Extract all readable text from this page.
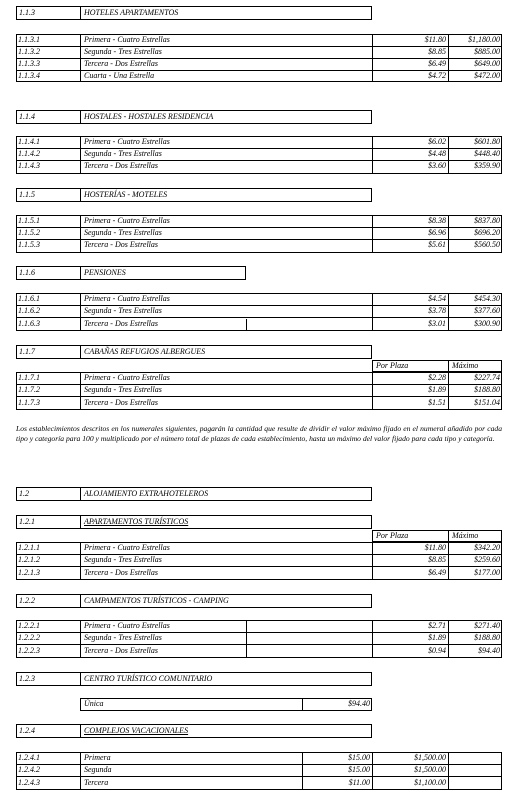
1.1.3	HOTELES APARTAMENTOS
1.1.3.1	Primera - Cuatro Estrellas	$11.80	$1,180.00
1.1.3.2	Segunda - Tres Estrellas	$8.85	$885.00
1.1.3.3	Tercera - Dos Estrellas	$6.49	$649.00
1.1.3.4	Cuarta - Una Estrella	$4.72	$472.00
1.1.4	HOSTALES - HOSTALES RESIDENCIA
1.1.4.1	Primera - Cuatro Estrellas	$6.02	$601.80
1.1.4.2	Segunda - Tres Estrellas	$4.48	$448.40
1.1.4.3	Tercera - Dos Estrellas	$3.60	$359.90
1.1.5	HOSTERÍAS - MOTELES
1.1.5.1	Primera - Cuatro Estrellas	$8.38	$837.80
1.1.5.2	Segunda - Tres Estrellas	$6.96	$696.20
1.1.5.3	Tercera - Dos Estrellas	$5.61	$560.50
1.1.6	PENSIONES
1.1.6.1	Primera - Cuatro Estrellas	$4.54	$454.30
1.1.6.2	Segunda - Tres Estrellas	$3.78	$377.60
1.1.6.3	Tercera - Dos Estrellas	$3.01	$300.90
1.1.7	CABAÑAS REFUGIOS ALBERGUES
Por Plaza	Máximo
1.1.7.1	Primera - Cuatro Estrellas	$2.28	$227.74
1.1.7.2	Segunda - Tres Estrellas	$1.89	$188.80
1.1.7.3	Tercera - Dos Estrellas	$1.51	$151.04
Los establecimientos descritos en los numerales siguientes, pagarán la cantidad que resulte de dividir el valor máximo fijado en el numeral añadido por cada tipo y categoría para 100 y multiplicado por el número total de plazas de cada establecimiento, hasta un máximo del valor fijado para cada tipo y categoría.
1.2	ALOJAMIENTO EXTRAHOTELEROS
1.2.1	APARTAMENTOS TURÍSTICOS
Por Plaza	Máximo
1.2.1.1	Primera - Cuatro Estrellas	$11.80	$342.20
1.2.1.2	Segunda - Tres Estrellas	$8.85	$259.60
1.2.1.3	Tercera - Dos Estrellas	$6.49	$177.00
1.2.2	CAMPAMENTOS TURÍSTICOS - CAMPING
1.2.2.1	Primera - Cuatro Estrellas	$2.71	$271.40
1.2.2.2	Segunda - Tres Estrellas	$1.89	$188.80
1.2.2.3	Tercera - Dos Estrellas	$0.94	$94.40
1.2.3	CENTRO TURÍSTICO COMUNITARIO
Única	$94.40
1.2.4	COMPLEJOS VACACIONALES
1.2.4.1	Primera	$15.00	$1,500.00
1.2.4.2	Segunda	$15.00	$1,500.00
1.2.4.3	Tercera	$11.00	$1,100.00
